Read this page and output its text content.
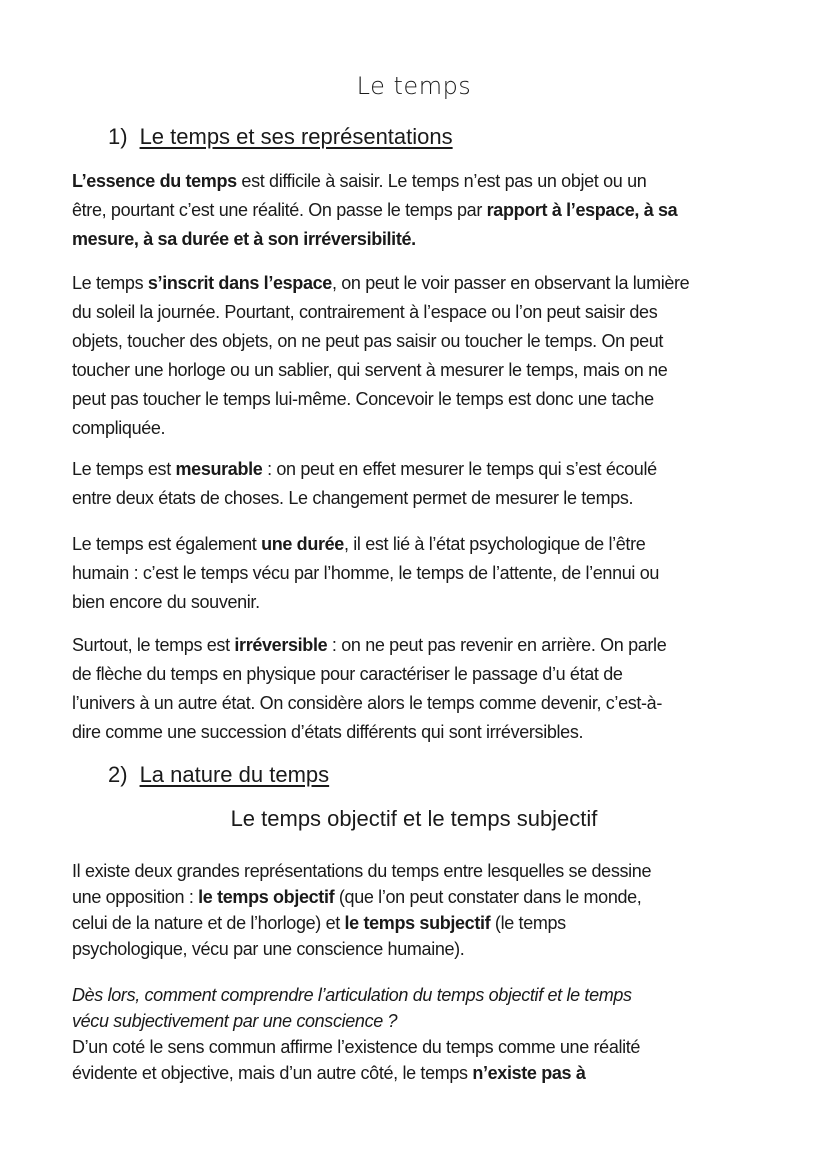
Le temps
1) Le temps et ses représentations
L’essence du temps est difficile à saisir. Le temps n’est pas un objet ou un
être, pourtant c’est une réalité. On passe le temps par rapport à l’espace, à sa
mesure, à sa durée et à son irréversibilité.
Le temps s’inscrit dans l’espace, on peut le voir passer en observant la lumière
du soleil la journée. Pourtant, contrairement à l’espace ou l’on peut saisir des
objets, toucher des objets, on ne peut pas saisir ou toucher le temps. On peut
toucher une horloge ou un sablier, qui servent à mesurer le temps, mais on ne
peut pas toucher le temps lui-même. Concevoir le temps est donc une tache
compliquée.
Le temps est mesurable : on peut en effet mesurer le temps qui s’est écoulé
entre deux états de choses. Le changement permet de mesurer le temps.
Le temps est également une durée, il est lié à l’état psychologique de l’être
humain : c’est le temps vécu par l’homme, le temps de l’attente, de l’ennui ou
bien encore du souvenir.
Surtout, le temps est irréversible : on ne peut pas revenir en arrière. On parle
de flèche du temps en physique pour caractériser le passage d’u état de
l’univers à un autre état. On considère alors le temps comme devenir, c’est-à-
dire comme une succession d’états différents qui sont irréversibles.
2) La nature du temps
Le temps objectif et le temps subjectif
Il existe deux grandes représentations du temps entre lesquelles se dessine
une opposition : le temps objectif (que l’on peut constater dans le monde,
celui de la nature et de l’horloge) et le temps subjectif (le temps
psychologique, vécu par une conscience humaine).
Dès lors, comment comprendre l’articulation du temps objectif et le temps
vécu subjectivement par une conscience ?
D’un coté le sens commun affirme l’existence du temps comme une réalité
évidente et objective, mais d’un autre côté, le temps n’existe pas à
